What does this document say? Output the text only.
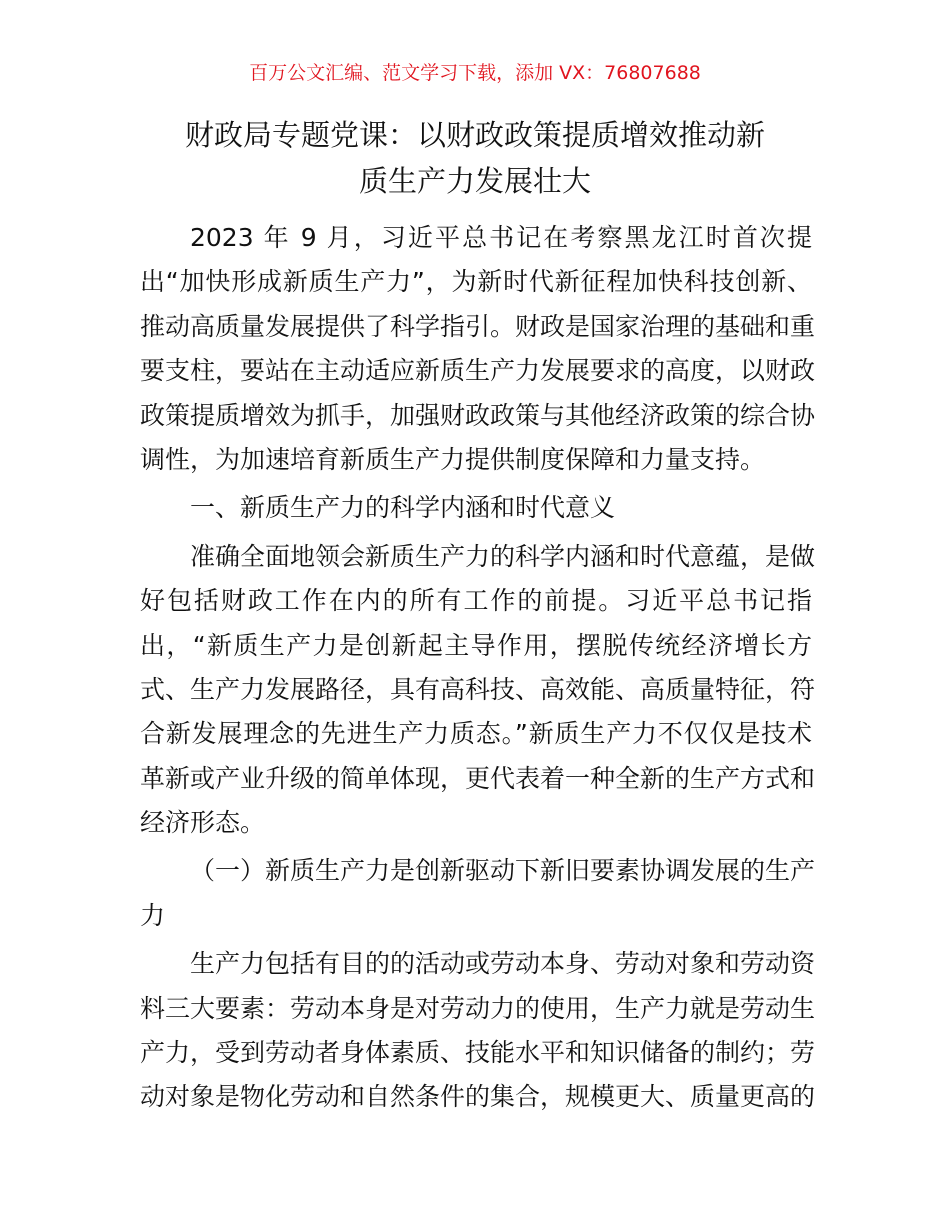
百万公文汇编、范文学习下载，添加 VX：76807688
财政局专题党课：以财政政策提质增效推动新
质生产力发展壮大
2023 年 9 月，习近平总书记在考察黑龙江时首次提
出“加快形成新质生产力”，为新时代新征程加快科技创新、
推动高质量发展提供了科学指引。财政是国家治理的基础和重
要支柱，要站在主动适应新质生产力发展要求的高度，以财政
政策提质增效为抓手，加强财政政策与其他经济政策的综合协
调性，为加速培育新质生产力提供制度保障和力量支持。
一、新质生产力的科学内涵和时代意义
准确全面地领会新质生产力的科学内涵和时代意蕴，是做
好包括财政工作在内的所有工作的前提。习近平总书记指
出，“新质生产力是创新起主导作用，摆脱传统经济增长方
式、生产力发展路径，具有高科技、高效能、高质量特征，符
合新发展理念的先进生产力质态。”新质生产力不仅仅是技术
革新或产业升级的简单体现，更代表着一种全新的生产方式和
经济形态。
（一）新质生产力是创新驱动下新旧要素协调发展的生产
力
生产力包括有目的的活动或劳动本身、劳动对象和劳动资
料三大要素：劳动本身是对劳动力的使用，生产力就是劳动生
产力，受到劳动者身体素质、技能水平和知识储备的制约；劳
动对象是物化劳动和自然条件的集合，规模更大、质量更高的
